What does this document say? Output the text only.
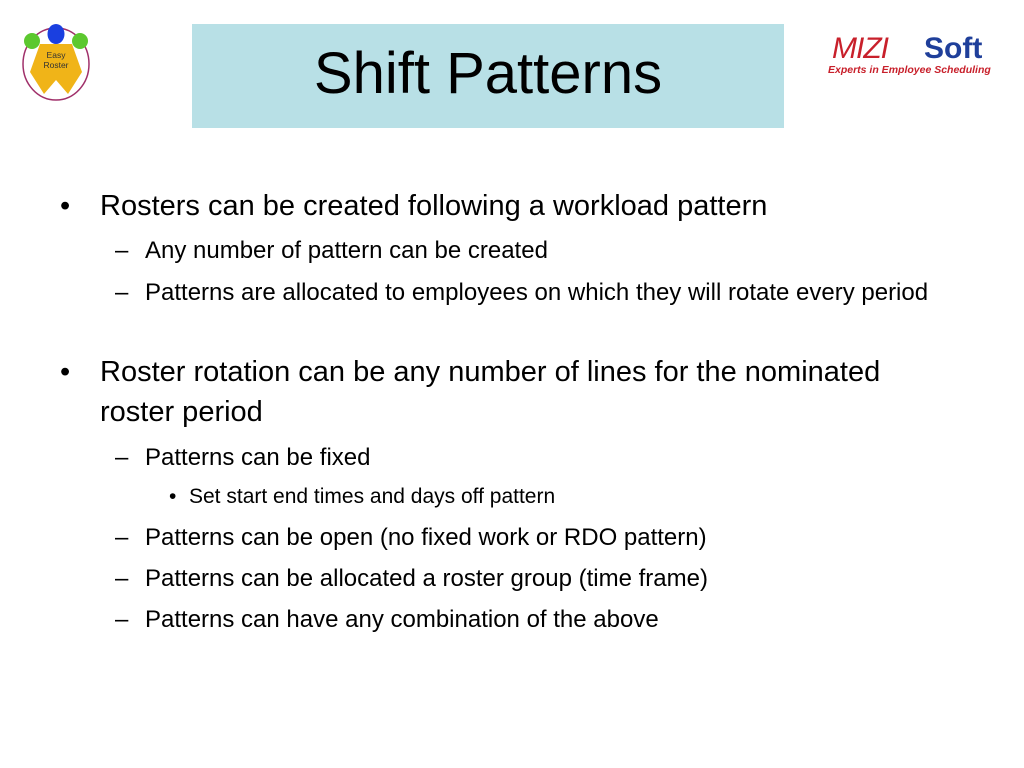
Easy
Roster	Shift Patterns	MIZI Soft
Experts in Employee Scheduling
• Rosters can be created following a workload pattern
– Any number of pattern can be created
– Patterns are allocated to employees on which they will rotate every period
• Roster rotation can be any number of lines for the nominated roster period
– Patterns can be fixed
• Set start end times and days off pattern
– Patterns can be open (no fixed work or RDO pattern)
– Patterns can be allocated a roster group (time frame)
– Patterns can have any combination of the above
